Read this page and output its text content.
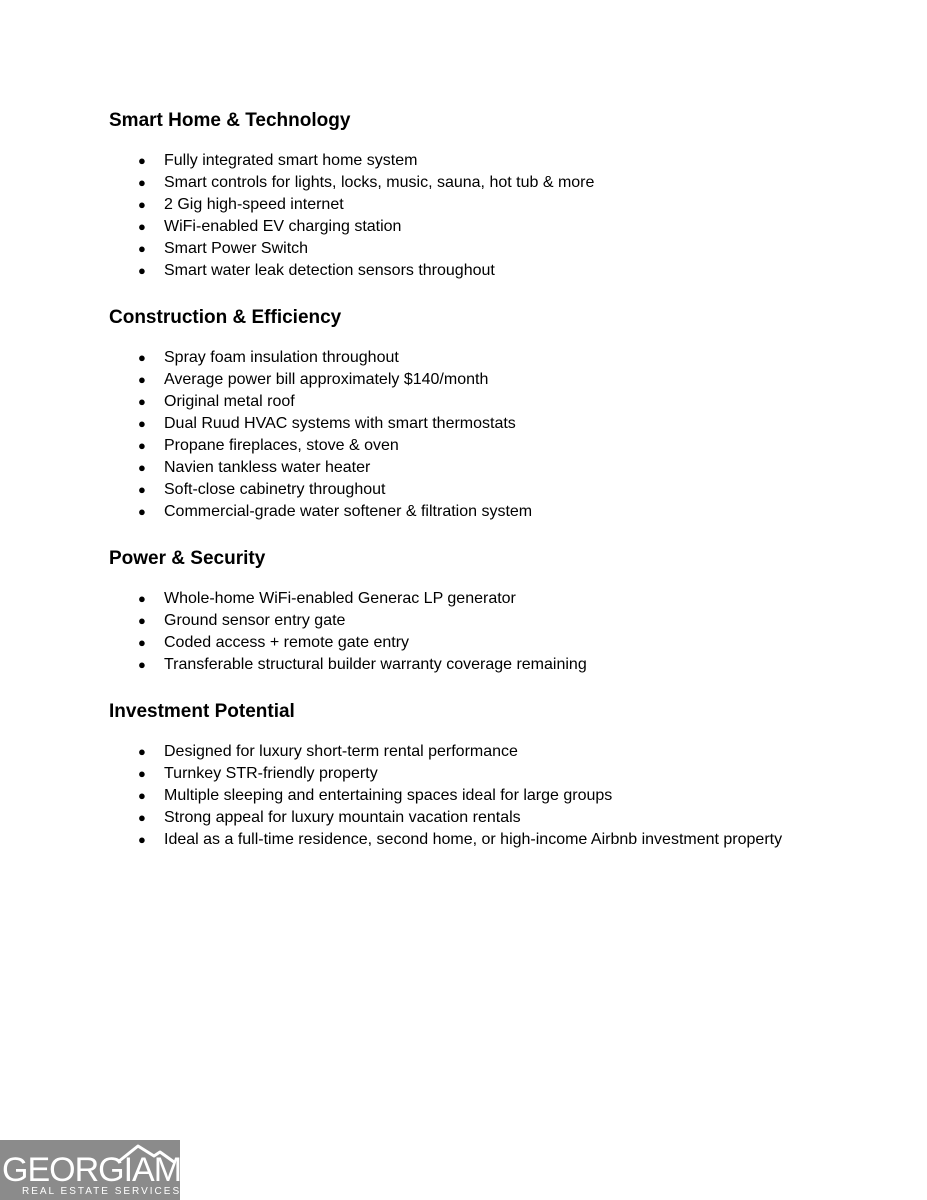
Smart Home & Technology
● Fully integrated smart home system
● Smart controls for lights, locks, music, sauna, hot tub & more
● 2 Gig high-speed internet
● WiFi-enabled EV charging station
● Smart Power Switch
● Smart water leak detection sensors throughout
Construction & Efficiency
● Spray foam insulation throughout
● Average power bill approximately $140/month
● Original metal roof
● Dual Ruud HVAC systems with smart thermostats
● Propane fireplaces, stove & oven
● Navien tankless water heater
● Soft-close cabinetry throughout
● Commercial-grade water softener & filtration system
Power & Security
● Whole-home WiFi-enabled Generac LP generator
● Ground sensor entry gate
● Coded access + remote gate entry
● Transferable structural builder warranty coverage remaining
Investment Potential
● Designed for luxury short-term rental performance
● Turnkey STR-friendly property
● Multiple sleeping and entertaining spaces ideal for large groups
● Strong appeal for luxury mountain vacation rentals
● Ideal as a full-time residence, second home, or high-income Airbnb investment property
GEORGIAMLS
REAL ESTATE SERVICES
